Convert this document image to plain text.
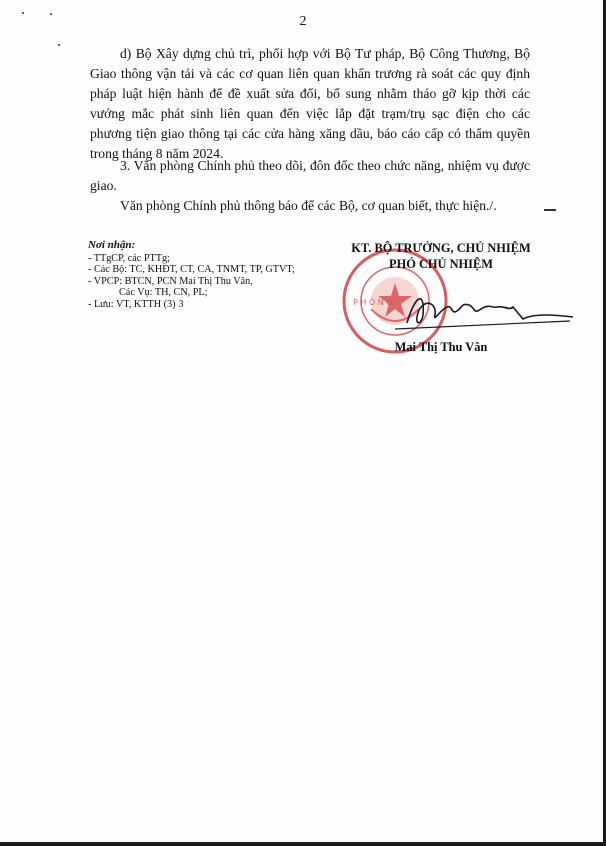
2
d) Bộ Xây dựng chủ trì, phối hợp với Bộ Tư pháp, Bộ Công Thương, Bộ Giao thông vận tải và các cơ quan liên quan khẩn trương rà soát các quy định pháp luật hiện hành để đề xuất sửa đổi, bổ sung nhằm tháo gỡ kịp thời các vướng mắc phát sinh liên quan đến việc lắp đặt trạm/trụ sạc điện cho các phương tiện giao thông tại các cửa hàng xăng dầu, báo cáo cấp có thẩm quyền trong tháng 8 năm 2024.
3. Văn phòng Chính phủ theo dõi, đôn đốc theo chức năng, nhiệm vụ được giao.
Văn phòng Chính phủ thông báo để các Bộ, cơ quan biết, thực hiện./.
Nơi nhận:
- TTgCP, các PTTg;
- Các Bộ: TC, KHĐT, CT, CA, TNMT, TP, GTVT;
- VPCP: BTCN, PCN Mai Thị Thu Vân,
Các Vụ: TH, CN, PL;
- Lưu: VT, KTTH (3) 3	P H Ò N G
KT. BỘ TRƯỞNG, CHỦ NHIỆM
PHÓ CHỦ NHIỆM
Mai Thị Thu Vân
